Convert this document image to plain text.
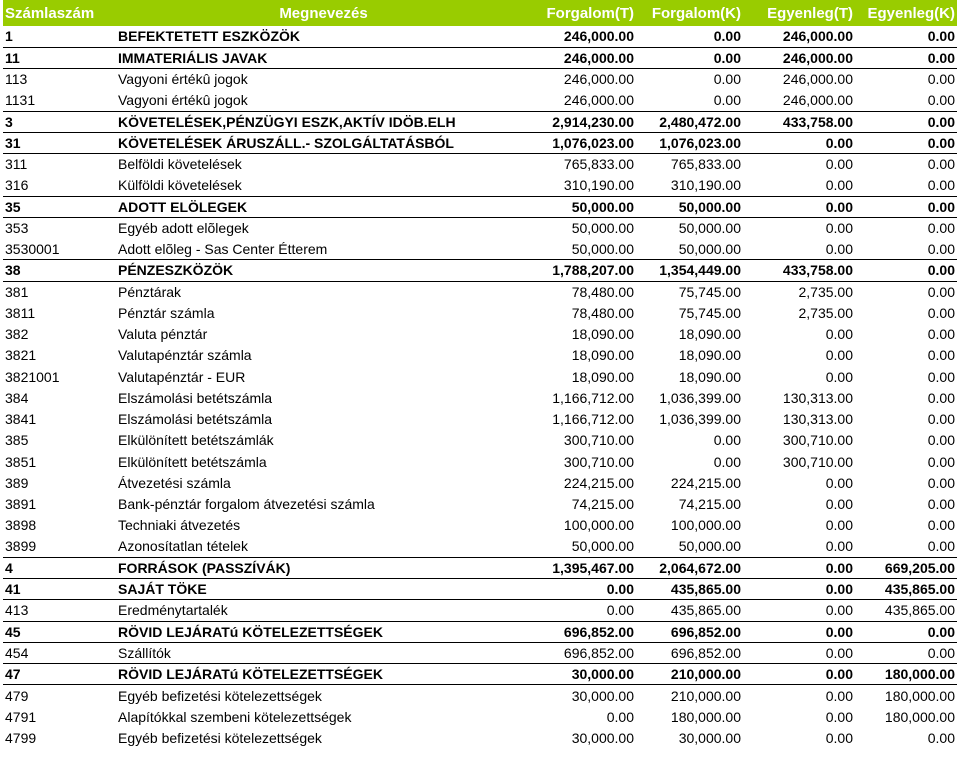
Számlaszám	Megnevezés	Forgalom(T)	Forgalom(K)	Egyenleg(T)	Egyenleg(K)
1	BEFEKTETETT ESZKÖZÖK	246,000.00	0.00	246,000.00	0.00
11	IMMATERIÁLIS JAVAK	246,000.00	0.00	246,000.00	0.00
113	Vagyoni értékû jogok	246,000.00	0.00	246,000.00	0.00
1131	Vagyoni értékû jogok	246,000.00	0.00	246,000.00	0.00
3	KÖVETELÉSEK,PÉNZÜGYI ESZK,AKTÍV IDÖB.ELH	2,914,230.00	2,480,472.00	433,758.00	0.00
31	KÖVETELÉSEK ÁRUSZÁLL.- SZOLGÁLTATÁSBÓL	1,076,023.00	1,076,023.00	0.00	0.00
311	Belföldi követelések	765,833.00	765,833.00	0.00	0.00
316	Külföldi követelések	310,190.00	310,190.00	0.00	0.00
35	ADOTT ELÖLEGEK	50,000.00	50,000.00	0.00	0.00
353	Egyéb adott elõlegek	50,000.00	50,000.00	0.00	0.00
3530001	Adott elõleg - Sas Center Étterem	50,000.00	50,000.00	0.00	0.00
38	PÉNZESZKÖZÖK	1,788,207.00	1,354,449.00	433,758.00	0.00
381	Pénztárak	78,480.00	75,745.00	2,735.00	0.00
3811	Pénztár számla	78,480.00	75,745.00	2,735.00	0.00
382	Valuta pénztár	18,090.00	18,090.00	0.00	0.00
3821	Valutapénztár számla	18,090.00	18,090.00	0.00	0.00
3821001	Valutapénztár - EUR	18,090.00	18,090.00	0.00	0.00
384	Elszámolási betétszámla	1,166,712.00	1,036,399.00	130,313.00	0.00
3841	Elszámolási betétszámla	1,166,712.00	1,036,399.00	130,313.00	0.00
385	Elkülönített betétszámlák	300,710.00	0.00	300,710.00	0.00
3851	Elkülönített betétszámla	300,710.00	0.00	300,710.00	0.00
389	Átvezetési számla	224,215.00	224,215.00	0.00	0.00
3891	Bank-pénztár forgalom átvezetési számla	74,215.00	74,215.00	0.00	0.00
3898	Techniaki átvezetés	100,000.00	100,000.00	0.00	0.00
3899	Azonosítatlan tételek	50,000.00	50,000.00	0.00	0.00
4	FORRÁSOK (PASSZÍVÁK)	1,395,467.00	2,064,672.00	0.00	669,205.00
41	SAJÁT TÖKE	0.00	435,865.00	0.00	435,865.00
413	Eredménytartalék	0.00	435,865.00	0.00	435,865.00
45	RÖVID LEJÁRATú KÖTELEZETTSÉGEK	696,852.00	696,852.00	0.00	0.00
454	Szállítók	696,852.00	696,852.00	0.00	0.00
47	RÖVID LEJÁRATú KÖTELEZETTSÉGEK	30,000.00	210,000.00	0.00	180,000.00
479	Egyéb befizetési kötelezettségek	30,000.00	210,000.00	0.00	180,000.00
4791	Alapítókkal szembeni kötelezettségek	0.00	180,000.00	0.00	180,000.00
4799	Egyéb befizetési kötelezettségek	30,000.00	30,000.00	0.00	0.00
